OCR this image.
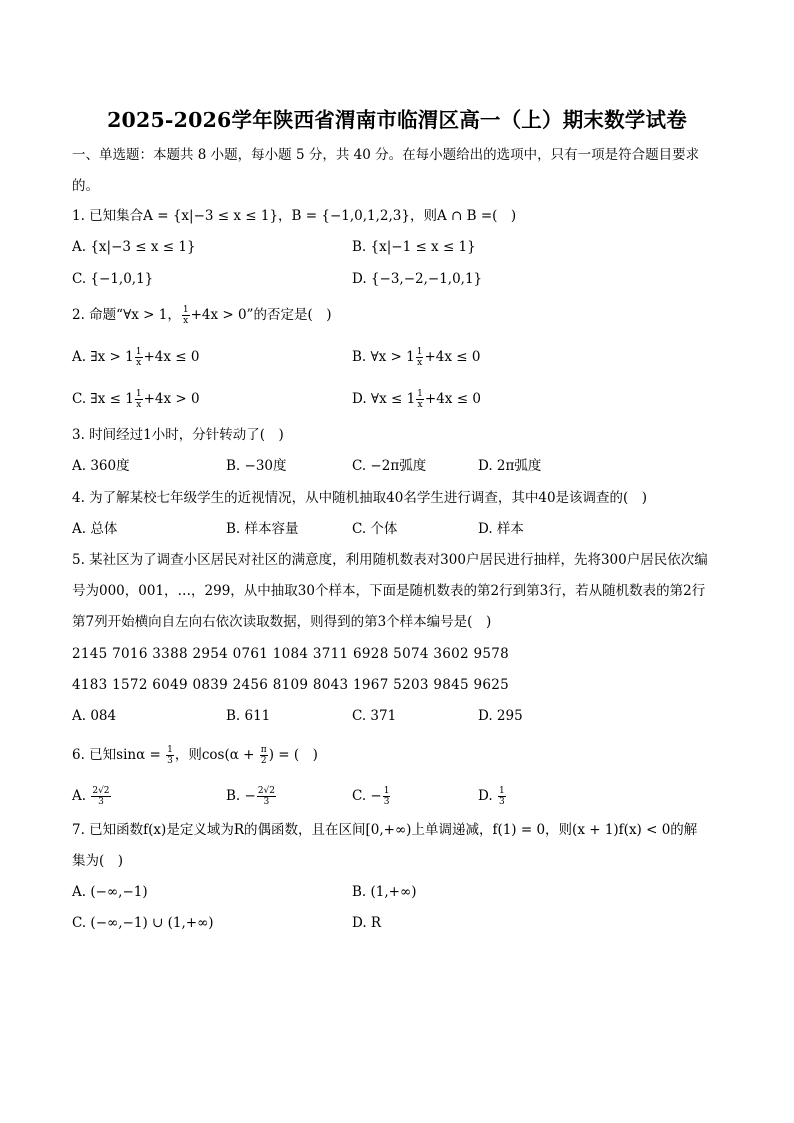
2025-2026学年陕西省渭南市临渭区高一（上）期末数学试卷
一、单选题：本题共 8 小题，每小题 5 分，共 40 分。在每小题给出的选项中，只有一项是符合题目要求
的。
1. 已知集合A = {x|−3 ≤ x ≤ 1}，B = {−1,0,1,2,3}，则A ∩ B =(　)
A. {x|−3 ≤ x ≤ 1}	B. {x|−1 ≤ x ≤ 1}
C. {−1,0,1}	D. {−3,−2,−1,0,1}
2. 命题“∀x > 1， $\frac{1}{x} +4x > 0$”的否定是(　)
A. ∃x > $1 \frac{1}{x} +4x \le 0$	B. ∀x > $1 \frac{1}{x} +4x \le 0$
C. ∃x ≤ $1 \frac{1}{x} +4x > 0$	D. ∀x ≤ $1 \frac{1}{x} +4x \le 0$
3. 时间经过1小时，分针转动了(　)
A. 360度	B. −30度	C. −2π弧度	D. 2π弧度
4. 为了解某校七年级学生的近视情况，从中随机抽取40名学生进行调查，其中40是该调查的(　)
A. 总体	B. 样本容量	C. 个体	D. 样本
5. 某社区为了调查小区居民对社区的满意度，利用随机数表对300户居民进行抽样，先将300户居民依次编
号为000，001，…，299，从中抽取30个样本，下面是随机数表的第2行到第3行，若从随机数表的第2行
第7列开始横向自左向右依次读取数据，则得到的第3个样本编号是(　)
2145 7016 3388 2954 0761 1084 3711 6928 5074 3602 9578
4183 1572 6049 0839 2456 8109 8043 1967 5203 9845 9625
A. 084	B. 611	C. 371	D. 295
6. 已知$\sin\alpha = \frac{1}{3}$ ，则$\cos(\alpha + \frac{\pi}{2}$ ) = (　)
A. $\frac{2√2}{3}$	B. − $\frac{2√2}{3}$	C. − $\frac{1}{3}$	D. $\frac{1}{3}$
7. 已知函数f(x)是定义域为R的偶函数，且在区间[0,+∞)上单调递减，f(1) = 0，则(x + 1)f(x) < 0的解
集为(　)
A. (−∞,−1)	B. (1,+∞)
C. (−∞,−1) ∪ (1,+∞)	D. R
